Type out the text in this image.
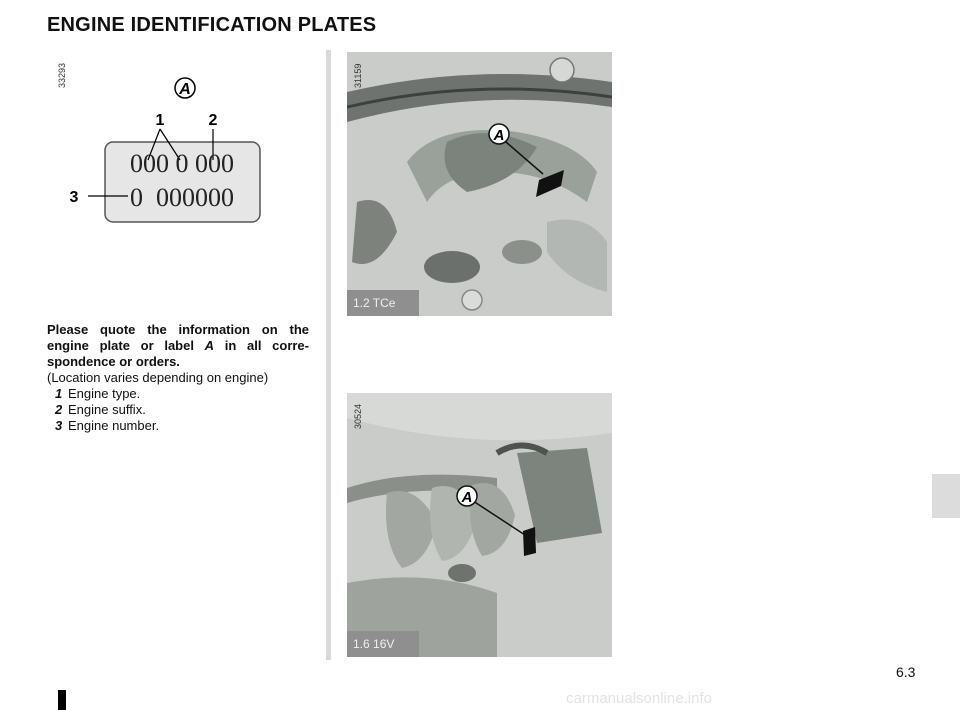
ENGINE IDENTIFICATION PLATES
33293
A
1	2
3
000 0 000
0  000000
Please quote the information on the engine plate or label A in all corre-spondence or orders.
(Location varies depending on engine)
1 Engine type.
2 Engine suffix.
3 Engine number.
A
31159
1.2 TCe
A
30524
1.6 16V
6.3
carmanualsonline.info
